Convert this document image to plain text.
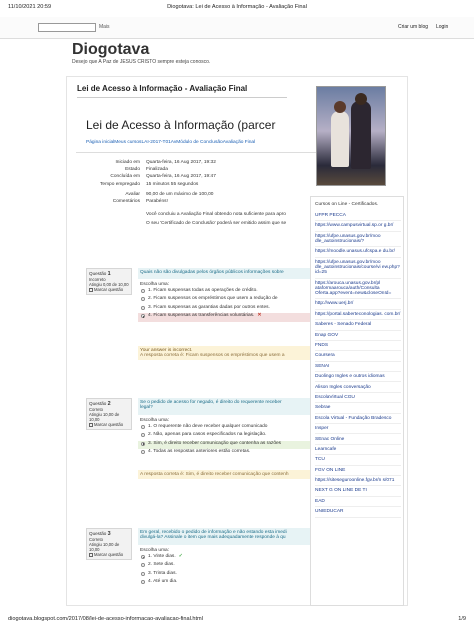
11/10/2021 20:59	Diogotava: Lei de Acesso à Informação - Avaliação Final
Mais	Criar um blog Login
Diogotava
Desejo que A Paz de JESUS CRISTO sempre esteja conosco.
Lei de Acesso à Informação - Avaliação Final
Lei de Acesso à Informação (parcer
Página inicialMeus cursosLAI-2017-T01AvMódulo de ConclusãoAvaliação Final
Iniciado em Quarta-feira, 16 Aug 2017, 19:32
Estado Finalizada
Concluída em Quarta-feira, 16 Aug 2017, 19:47
Tempo empregado 15 minutos 55 segundos
Avaliar 90,00 de um máximo de 100,00
Comentários Parabéns!
Você concluiu a Avaliação Final obtendo nota suficiente para apro
O seu 'Certificado de Conclusão' poderá ser emitido assim que se
Questão 1
Incorreto
Atingiu 0,00 de 10,00
Marcar questão
Quais não são divulgadas pelos órgãos públicos informações sobre
Escolha uma:
1. Ficam suspensas todas as operações de crédito.
2. Ficam suspensos os empréstimos que usem a redução de
3. Ficam suspensas as garantias dadas por outros entes.
4. Ficam suspensas as transferências voluntárias. ✕
Your answer is incorrect.
A resposta correta é: Ficam suspensos os empréstimos que usem a
Questão 2
Correto
Atingiu 10,00 de 10,00
Marcar questão
Se o pedido de acesso for negado, é direito do requerente receber
legal?
Escolha uma:
1. O requerente não deve receber qualquer comunicado
2. Não, apenas para casos especificados na legislação.
3. Sim, é direito receber comunicação que contenha as razões
4. Todas as respostas anteriores estão corretas.
A resposta correta é: Sim, é direito receber comunicação que contenh
Questão 3
Correto
Atingiu 10,00 de 10,00
Marcar questão
Em geral, recebido o pedido de informação e não estando esta imedi
divulgá-la? Assinale o item que mais adequadamente responde à qu
Escolha uma:
1. Vinte dias. ✓
2. Sete dias.
3. Trinta dias.
4. Até um dia.
Cursos on Line - Certificados.
UFPR PECCA
https://www.campusvirtual.sp.or g.br/
https://ufpe.unasus.gov.br/moo dle_autoinstrucionais/?
https://moodle.unasus.ufcspa.e du.br/
https://ufpe.unasus.gov.br/moo dle_autoinstrucionais/course/vi ew.php?id=25
https://arouca.unasus.gov.br/pl ataformaarouca/auth/Consulta Oferta.app?event=new&closeOnId=
http://www.uerj.br/
https://portal.saberteconologias. com.br/
Saberes - Senado Federal
Enap GOV
FNDS
Coursera
SENAI
Duolingo Ingles e outros idiomas
Alison Ingles conversação
EscolaVirtual CGU
Sebrae
Escola Virtual - Fundação Bradesco
Insper
SEnac Online
Learncafe
TCU
FGV ON LINE
https://siteseguroonline.fgv.br/n s/071
NEXT G ON LINE DE TI
EAD
UNIEDUCAR
diogotava.blogspot.com/2017/08/lei-de-acesso-informacao-avaliacao-final.html	1/9
